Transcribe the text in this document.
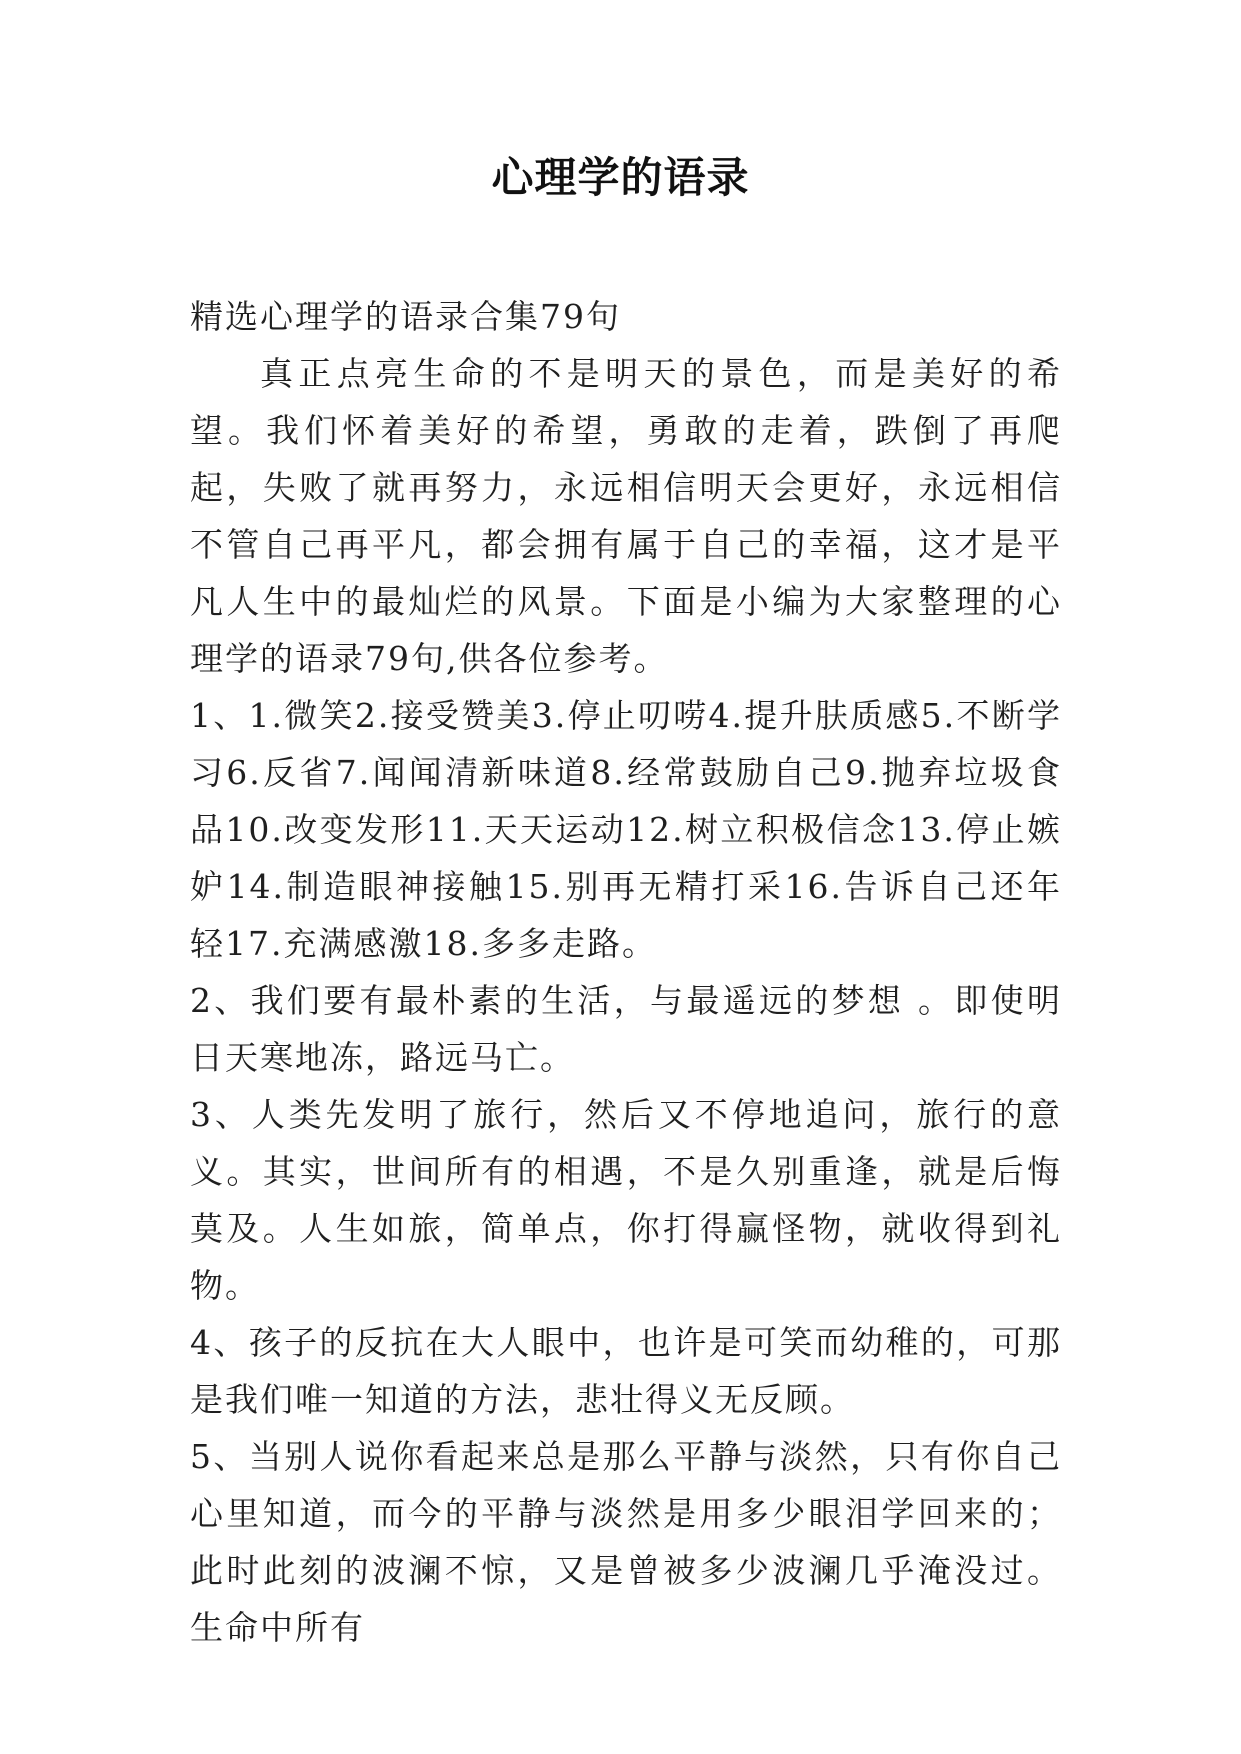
心理学的语录

精选心理学的语录合集79句

真正点亮生命的不是明天的景色，而是美好的希望。我们怀着美好的希望，勇敢的走着，跌倒了再爬起，失败了就再努力，永远相信明天会更好，永远相信不管自己再平凡，都会拥有属于自己的幸福，这才是平凡人生中的最灿烂的风景。下面是小编为大家整理的心理学的语录79句,供各位参考。

1、1.微笑2.接受赞美3.停止叨唠4.提升肤质感5.不断学习6.反省7.闻闻清新味道8.经常鼓励自己9.抛弃垃圾食品10.改变发形11.天天运动12.树立积极信念13.停止嫉妒14.制造眼神接触15.别再无精打采16.告诉自己还年轻17.充满感激18.多多走路。

2、我们要有最朴素的生活，与最遥远的梦想 。即使明日天寒地冻，路远马亡。

3、人类先发明了旅行，然后又不停地追问，旅行的意义。其实，世间所有的相遇，不是久别重逢，就是后悔莫及。人生如旅，简单点，你打得赢怪物，就收得到礼物。

4、孩子的反抗在大人眼中，也许是可笑而幼稚的，可那是我们唯一知道的方法，悲壮得义无反顾。

5、当别人说你看起来总是那么平静与淡然，只有你自己心里知道，而今的平静与淡然是用多少眼泪学回来的；此时此刻的波澜不惊，又是曾被多少波澜几乎淹没过。生命中所有
